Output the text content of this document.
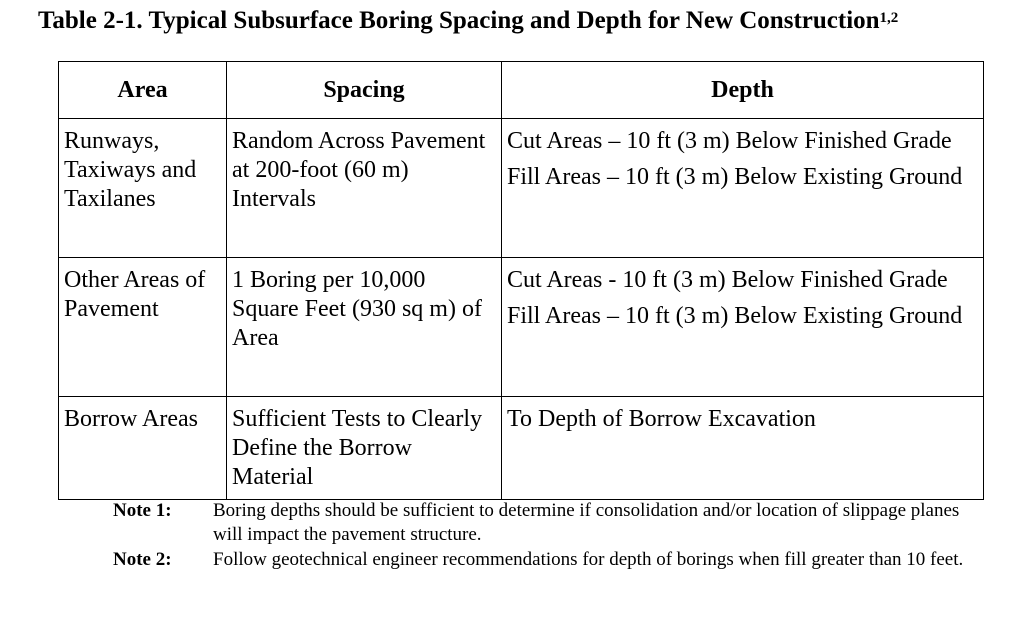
Table 2-1. Typical Subsurface Boring Spacing and Depth for New Construction$^{1,2}$
Area	Spacing	Depth

Runways, Taxiways and Taxilanes	Random Across Pavement at 200-foot (60 m) Intervals	Cut Areas – 10 ft (3 m) Below Finished Grade
Fill Areas – 10 ft (3 m) Below Existing Ground

Other Areas of Pavement	1 Boring per 10,000 Square Feet (930 sq m) of Area	Cut Areas - 10 ft (3 m) Below Finished Grade
Fill Areas – 10 ft (3 m) Below Existing Ground

Borrow Areas	Sufficient Tests to Clearly Define the Borrow Material	To Depth of Borrow Excavation
Note 1:	Boring depths should be sufficient to determine if consolidation and/or location of slippage planes will impact the pavement structure.
Note 2:	Follow geotechnical engineer recommendations for depth of borings when fill greater than 10 feet.
